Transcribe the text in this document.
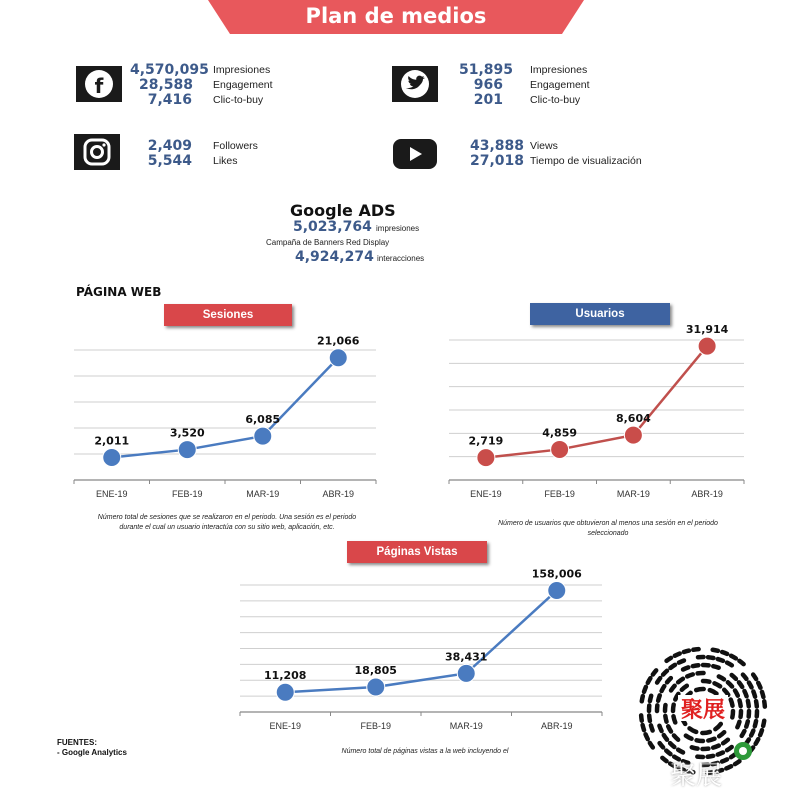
Plan de medios
f
4,570,095 Impresiones
28,588 Engagement
7,416 Clic-to-buy
51,895 Impresiones
966	Engagement
201	Clic-to-buy
2,409 Followers
5,544 Likes
43,888 Views
27,018 Tiempo de visualización
Google ADS
5,023,764 impresiones
Campaña de Banners Red Display
4,924,274 interacciones
PÁGINA WEB
Sesiones	Usuarios
Páginas Vistas
2,011
ENE-19
3,520
FEB-19
6,085
MAR-19
21,066
ABR-19
2,719
ENE-19
4,859
FEB-19
8,604
MAR-19
31,914
ABR-19
11,208
ENE-19
18,805
FEB-19
38,431
MAR-19
158,006
ABR-19
Número total de sesiones que se realizaron en el periodo. Una sesión es el periodo durante el cual un usuario interactúa con su sitio web, aplicación, etc.
Número de usuarios que obtuvieron al menos una sesión en el periodo seleccionado
Número total de páginas vistas a la web incluyendo el
FUENTES:
- Google Analytics
聚展
聚展
